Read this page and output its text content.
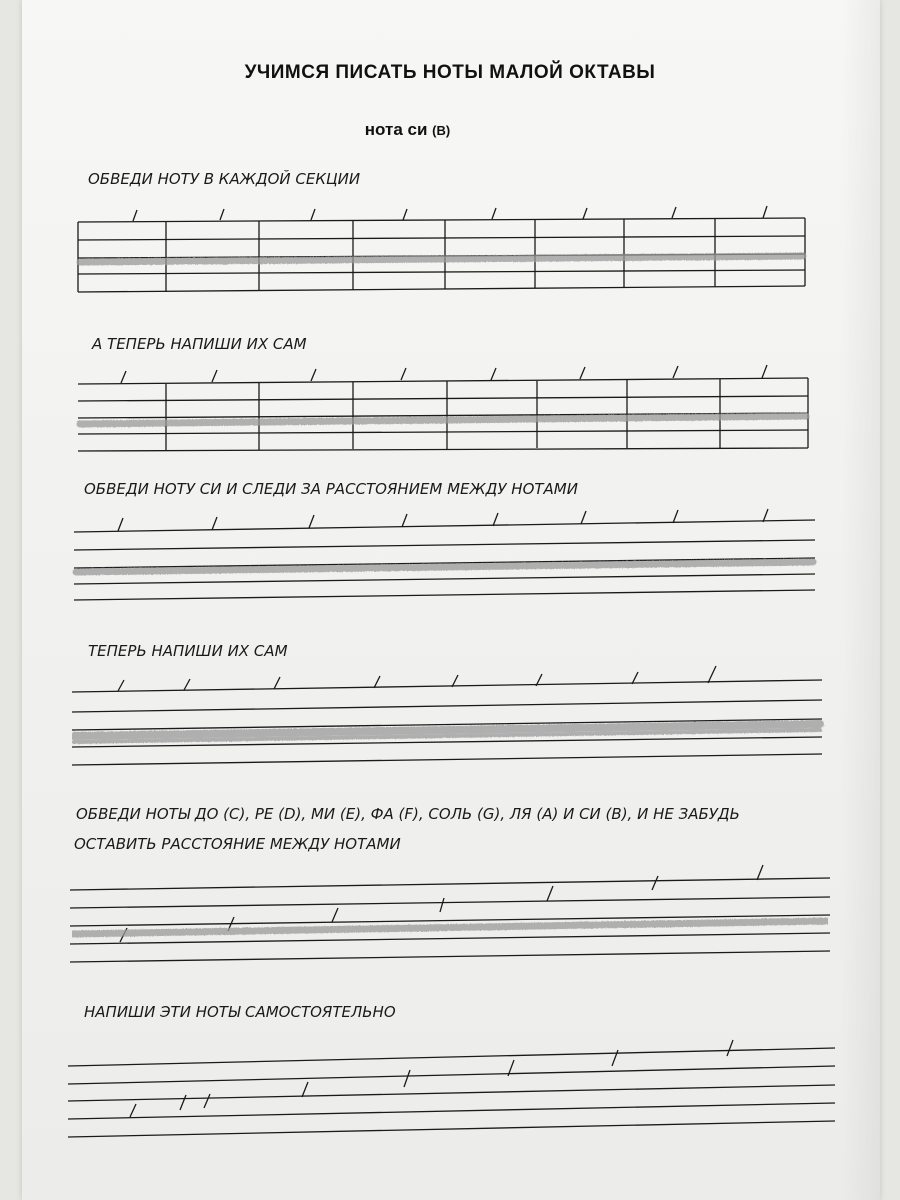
УЧИМСЯ ПИСАТЬ НОТЫ МАЛОЙ ОКТАВЫ
нота си (В)
ОБВЕДИ НОТУ В КАЖДОЙ СЕКЦИИ
А ТЕПЕРЬ НАПИШИ ИХ САМ
ОБВЕДИ НОТУ СИ И СЛЕДИ ЗА РАССТОЯНИЕМ МЕЖДУ НОТАМИ
ТЕПЕРЬ НАПИШИ ИХ САМ
ОБВЕДИ НОТЫ ДО (С), РЕ (D), МИ (Е), ФА (F), СОЛЬ (G), ЛЯ (А) И СИ (В), И НЕ ЗАБУДЬ
ОСТАВИТЬ РАССТОЯНИЕ МЕЖДУ НОТАМИ
НАПИШИ ЭТИ НОТЫ САМОСТОЯТЕЛЬНО
